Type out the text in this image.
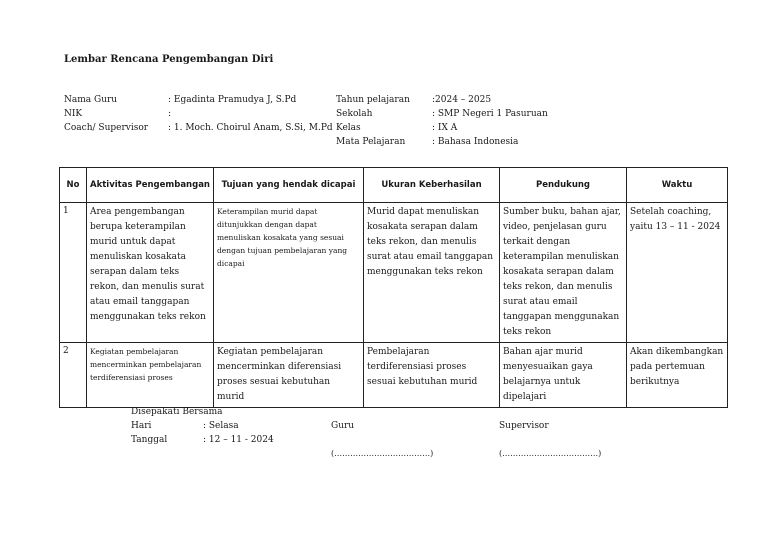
Lembar Rencana Pengembangan Diri
Nama Guru	: Egadinta Pramudya J, S.Pd
NIK	:
Coach/ Supervisor	: 1. Moch. Choirul Anam, S.Si, M.Pd
Tahun pelajaran	:2024 – 2025
Sekolah	: SMP Negeri 1 Pasuruan
Kelas	: IX A
Mata Pelajaran	: Bahasa Indonesia
No	Aktivitas Pengembangan	Tujuan yang hendak dicapai	Ukuran Keberhasilan	Pendukung	Waktu
1	Area pengembangan berupa keterampilan murid untuk dapat menuliskan kosakata serapan dalam teks rekon, dan menulis surat atau email tanggapan menggunakan teks rekon	Keterampilan murid dapat ditunjukkan dengan dapat menuliskan kosakata yang sesuai dengan tujuan pembelajaran yang dicapai	Murid dapat menuliskan kosakata serapan dalam teks rekon, dan menulis surat atau email tanggapan menggunakan teks rekon	Sumber buku, bahan ajar, video, penjelasan guru terkait dengan keterampilan menuliskan kosakata serapan dalam teks rekon, dan menulis surat atau email tanggapan menggunakan teks rekon	Setelah coaching, yaitu 13 – 11 - 2024
2	Kegiatan pembelajaran mencerminkan pembelajaran terdiferensiasi proses	Kegiatan pembelajaran mencerminkan diferensiasi proses sesuai kebutuhan murid	Pembelajaran terdiferensiasi proses sesuai kebutuhan murid	Bahan ajar murid menyesuaikan gaya belajarnya untuk dipelajari	Akan dikembangkan pada pertemuan berikutnya
Disepakati Bersama
Hari	: Selasa
Tanggal	: 12 – 11 - 2024
Guru	Supervisor
(………………………………)	(………………………………)
